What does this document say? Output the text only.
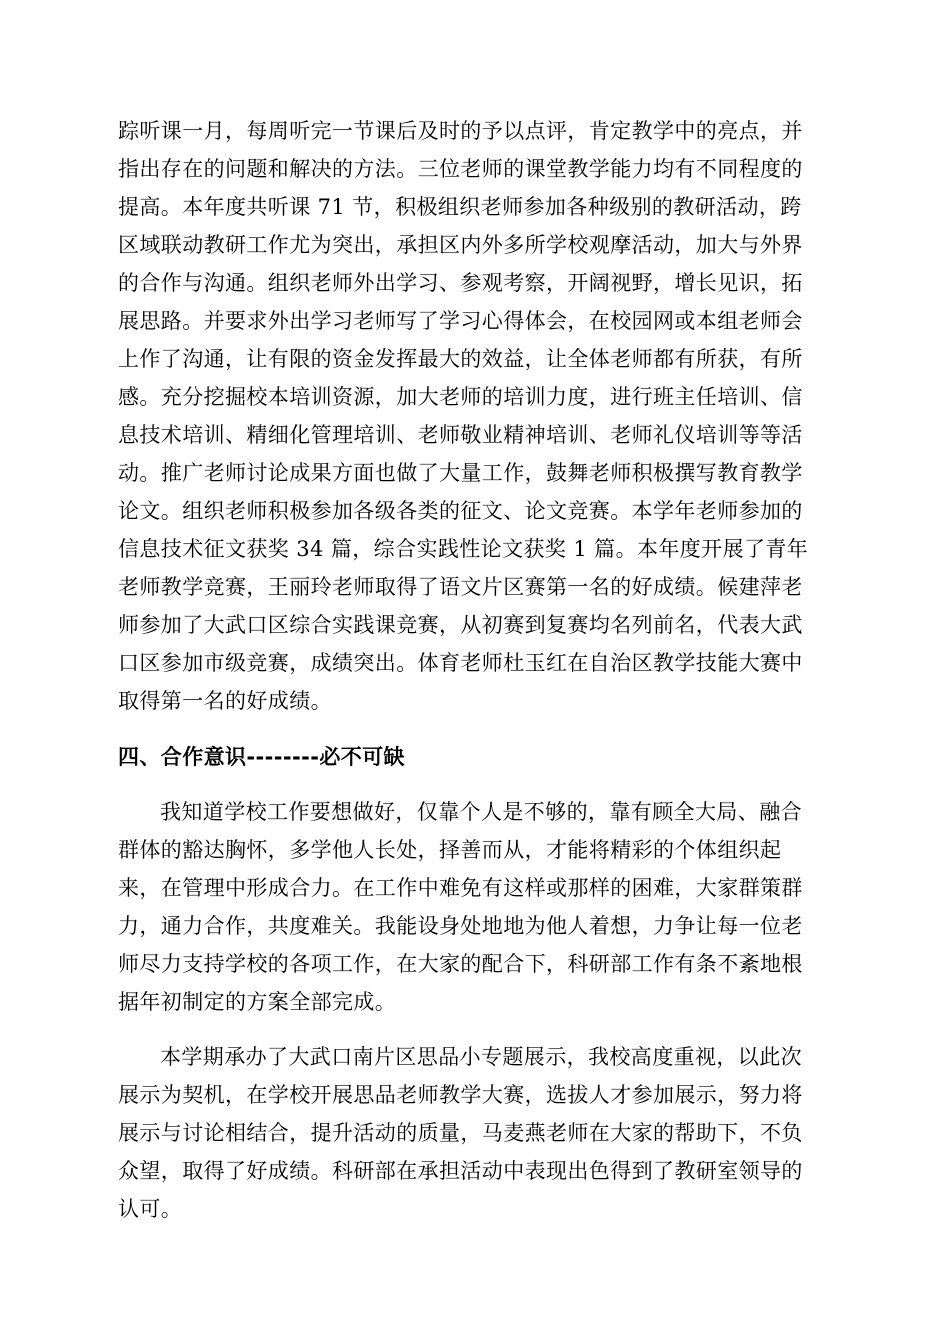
踪听课一月，每周听完一节课后及时的予以点评，肯定教学中的亮点，并
指出存在的问题和解决的方法。三位老师的课堂教学能力均有不同程度的
提高。本年度共听课 71 节，积极组织老师参加各种级别的教研活动，跨
区域联动教研工作尤为突出，承担区内外多所学校观摩活动，加大与外界
的合作与沟通。组织老师外出学习、参观考察，开阔视野，增长见识，拓
展思路。并要求外出学习老师写了学习心得体会，在校园网或本组老师会
上作了沟通，让有限的资金发挥最大的效益，让全体老师都有所获，有所
感。充分挖掘校本培训资源，加大老师的培训力度，进行班主任培训、信
息技术培训、精细化管理培训、老师敬业精神培训、老师礼仪培训等等活
动。推广老师讨论成果方面也做了大量工作，鼓舞老师积极撰写教育教学
论文。组织老师积极参加各级各类的征文、论文竞赛。本学年老师参加的
信息技术征文获奖 34 篇，综合实践性论文获奖 1 篇。本年度开展了青年
老师教学竞赛，王丽玲老师取得了语文片区赛第一名的好成绩。候建萍老
师参加了大武口区综合实践课竞赛，从初赛到复赛均名列前名，代表大武
口区参加市级竞赛，成绩突出。体育老师杜玉红在自治区教学技能大赛中
取得第一名的好成绩。
四、合作意识--------必不可缺
我知道学校工作要想做好，仅靠个人是不够的，靠有顾全大局、融合
群体的豁达胸怀，多学他人长处，择善而从，才能将精彩的个体组织起
来，在管理中形成合力。在工作中难免有这样或那样的困难，大家群策群
力，通力合作，共度难关。我能设身处地地为他人着想，力争让每一位老
师尽力支持学校的各项工作，在大家的配合下，科研部工作有条不紊地根
据年初制定的方案全部完成。
本学期承办了大武口南片区思品小专题展示，我校高度重视，以此次
展示为契机，在学校开展思品老师教学大赛，选拔人才参加展示，努力将
展示与讨论相结合，提升活动的质量，马麦燕老师在大家的帮助下，不负
众望，取得了好成绩。科研部在承担活动中表现出色得到了教研室领导的
认可。
